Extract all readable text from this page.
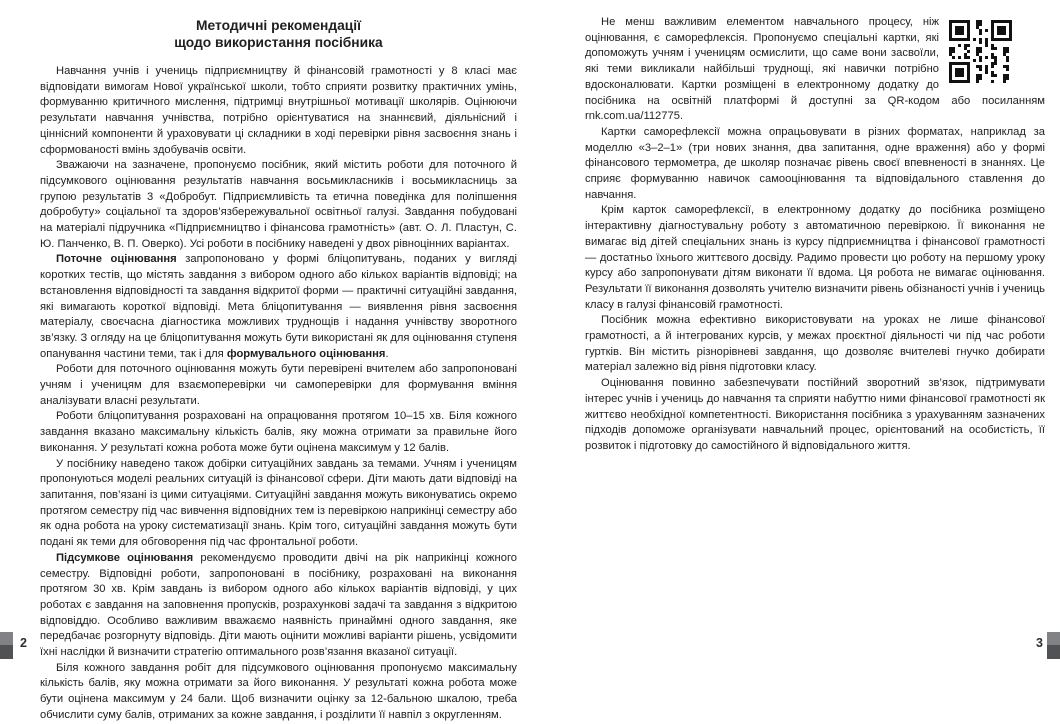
Методичні рекомендації
щодо використання посібника

Навчання учнів і учениць підприємництву й фінансовій грамотності у 8 класі має відповідати вимогам Нової української школи, тобто сприяти розвитку практичних умінь, формуванню критичного мислення, підтримці внутрішньої мотивації школярів. Оцінюючи результати навчання учнівства, потрібно орієнтуватися на знаннєвий, діяльнісний і ціннісний компоненти й ураховувати ці складники в ході перевірки рівня засвоєння знань і сформованості вмінь здобувачів освіти.

Зважаючи на зазначене, пропонуємо посібник, який містить роботи для поточного й підсумкового оцінювання результатів навчання восьмикласників і восьмикласниць за групою результатів 3 «Добробут. Підприємливість та етична поведінка для поліпшення добробуту» соціальної та здоров’язбережувальної освітньої галузі. Завдання побудовані на матеріалі підручника «Підприємництво і фінансова грамотність» (авт. О. Л. Пластун, С. Ю. Панченко, В. П. Оверко). Усі роботи в посібнику наведені у двох рівноцінних варіантах.

Поточне оцінювання запропоновано у формі бліцопитувань, поданих у вигляді коротких тестів, що містять завдання з вибором одного або кількох варіантів відповіді; на встановлення відповідності та завдання відкритої форми — практичні ситуаційні завдання, які вимагають короткої відповіді. Мета бліцопитування — виявлення рівня засвоєння матеріалу, своєчасна діагностика можливих труднощів і надання учнівству зворотного зв’язку. З огляду на це бліцопитування можуть бути використані як для оцінювання ступеня опанування частини теми, так і для формувального оцінювання.

Роботи для поточного оцінювання можуть бути перевірені вчителем або запропоновані учням і ученицям для взаємоперевірки чи самоперевірки для формування вміння аналізувати власні результати.

Роботи бліцопитування розраховані на опрацювання протягом 10–15 хв. Біля кожного завдання вказано максимальну кількість балів, яку можна отримати за правильне його виконання. У результаті кожна робота може бути оцінена максимум у 12 балів.

У посібнику наведено також добірки ситуаційних завдань за темами. Учням і ученицям пропонуються моделі реальних ситуацій із фінансової сфери. Діти мають дати відповіді на запитання, пов’язані із цими ситуаціями. Ситуаційні завдання можуть виконуватись окремо протягом семестру під час вивчення відповідних тем із перевіркою наприкінці семестру або як одна робота на уроку систематизації знань. Крім того, ситуаційні завдання можуть бути подані як теми для обговорення під час фронтальної роботи.

Підсумкове оцінювання рекомендуємо проводити двічі на рік наприкінці кожного семестру. Відповідні роботи, запропоновані в посібнику, розраховані на виконання протягом 30 хв. Крім завдань із вибором одного або кількох варіантів відповіді, у цих роботах є завдання на заповнення пропусків, розрахункові задачі та завдання з відкритою відповіддю. Особливо важливим вважаємо наявність принаймні одного завдання, яке передбачає розгорнуту відповідь. Діти мають оцінити можливі варіанти рішень, усвідомити їхні наслідки й визначити стратегію оптимального розв’язання вказаної ситуації.

Біля кожного завдання робіт для підсумкового оцінювання пропонуємо максимальну кількість балів, яку можна отримати за його виконання. У результаті кожна робота може бути оцінена максимум у 24 бали. Щоб визначити оцінку за 12-бальною шкалою, треба обчислити суму балів, отриманих за кожне завдання, і розділити її навпіл з округленням.

Не менш важливим елементом навчального процесу, ніж оцінювання, є саморефлексія. Пропонуємо спеціальні картки, які допоможуть учням і ученицям осмислити, що саме вони засвоїли, які теми викликали найбільші труднощі, які навички потрібно вдосконалювати. Картки розміщені в електронному додатку до посібника на освітній платформі й доступні за QR-кодом або посиланням rnk.com.ua/112775.

Картки саморефлексії можна опрацьовувати в різних форматах, наприклад за моделлю «3–2–1» (три нових знання, два запитання, одне враження) або у формі фінансового термометра, де школяр позначає рівень своєї впевненості в знаннях. Це сприяє формуванню навичок самооцінювання та відповідального ставлення до навчання.

Крім карток саморефлексії, в електронному додатку до посібника розміщено інтерактивну діагностувальну роботу з автоматичною перевіркою. Її виконання не вимагає від дітей спеціальних знань із курсу підприємництва і фінансової грамотності — достатньо їхнього життєвого досвіду. Радимо провести цю роботу на першому уроку курсу або запропонувати дітям виконати її вдома. Ця робота не вимагає оцінювання. Результати її виконання дозволять учителю визначити рівень обізнаності учнів і учениць класу в галузі фінансовій грамотності.

Посібник можна ефективно використовувати на уроках не лише фінансової грамотності, а й інтегрованих курсів, у межах проєктної діяльності чи під час роботи гуртків. Він містить різнорівневі завдання, що дозволяє вчителеві гнучко добирати матеріал залежно від рівня підготовки класу.

Оцінювання повинно забезпечувати постійний зворотний зв’язок, підтримувати інтерес учнів і учениць до навчання та сприяти набуттю ними фінансової грамотності як життєво необхідної компетентності. Використання посібника з урахуванням зазначених підходів допоможе організувати навчальний процес, орієнтований на особистість, її розвиток і підготовку до самостійного й відповідального життя.

2	3
